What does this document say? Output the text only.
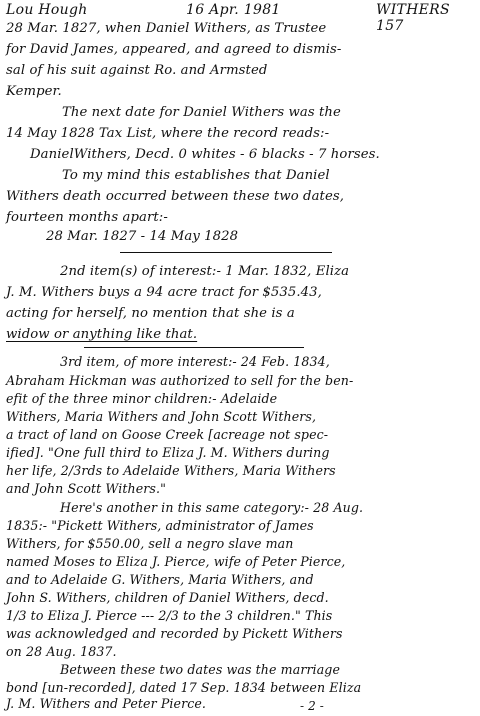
Lou Hough	16 Apr. 1981	WITHERS 157
28 Mar. 1827, when Daniel Withers, as Trustee
for David James, appeared, and agreed to dismis-
sal of his suit against Ro. and Armsted
Kemper.
The next date for Daniel Withers was the
14 May 1828 Tax List, where the record reads:-
DanielWithers, Decd. 0 whites - 6 blacks - 7 horses.
To my mind this establishes that Daniel
Withers death occurred between these two dates,
fourteen months apart:-
28 Mar. 1827 - 14 May 1828
2nd item(s) of interest:- 1 Mar. 1832, Eliza
J. M. Withers buys a 94 acre tract for $535.43,
acting for herself, no mention that she is a
widow or anything like that.
3rd item, of more interest:- 24 Feb. 1834,
Abraham Hickman was authorized to sell for the ben-
efit of the three minor children:- Adelaide
Withers, Maria Withers and John Scott Withers,
a tract of land on Goose Creek [acreage not spec-
ified]. "One full third to Eliza J. M. Withers during
her life, 2/3rds to Adelaide Withers, Maria Withers
and John Scott Withers."
Here's another in this same category:- 28 Aug.
1835:- "Pickett Withers, administrator of James
Withers, for $550.00, sell a negro slave man
named Moses to Eliza J. Pierce, wife of Peter Pierce,
and to Adelaide G. Withers, Maria Withers, and
John S. Withers, children of Daniel Withers, decd.
1/3 to Eliza J. Pierce --- 2/3 to the 3 children." This
was acknowledged and recorded by Pickett Withers
on 28 Aug. 1837.
Between these two dates was the marriage
bond [un-recorded], dated 17 Sep. 1834 between Eliza
J. M. Withers and Peter Pierce.	- 2 -
